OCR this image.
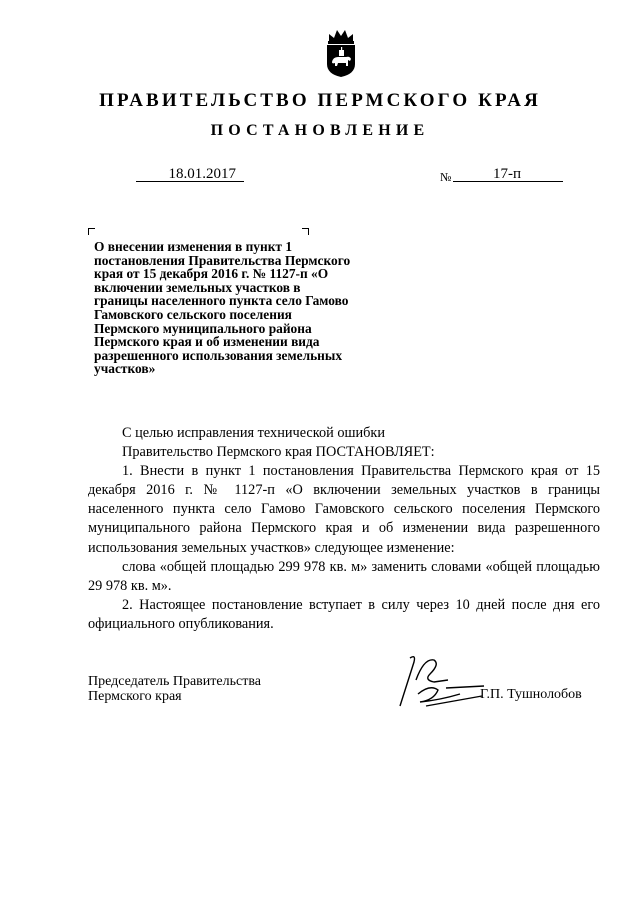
ПРАВИТЕЛЬСТВО ПЕРМСКОГО КРАЯ
ПОСТАНОВЛЕНИЕ
18.01.2017	№	17-п
О внесении изменения в пункт 1 постановления Правительства Пермского края от 15 декабря 2016 г. № 1127-п «О включении земельных участков в границы населенного пункта село Гамово Гамовского сельского поселения Пермского муниципального района Пермского края и об изменении вида разрешенного использования земельных участков»

С целью исправления технической ошибки

Правительство Пермского края ПОСТАНОВЛЯЕТ:

1. Внести в пункт 1 постановления Правительства Пермского края от 15 декабря 2016 г. № 1127-п «О включении земельных участков в границы населенного пункта село Гамово Гамовского сельского поселения Пермского муниципального района Пермского края и об изменении вида разрешенного использования земельных участков» следующее изменение:

слова «общей площадью 299 978 кв. м» заменить словами «общей площадью 29 978 кв. м».

2. Настоящее постановление вступает в силу через 10 дней после дня его официального опубликования.

Председатель Правительства
Пермского края	Г.П. Тушнолобов
